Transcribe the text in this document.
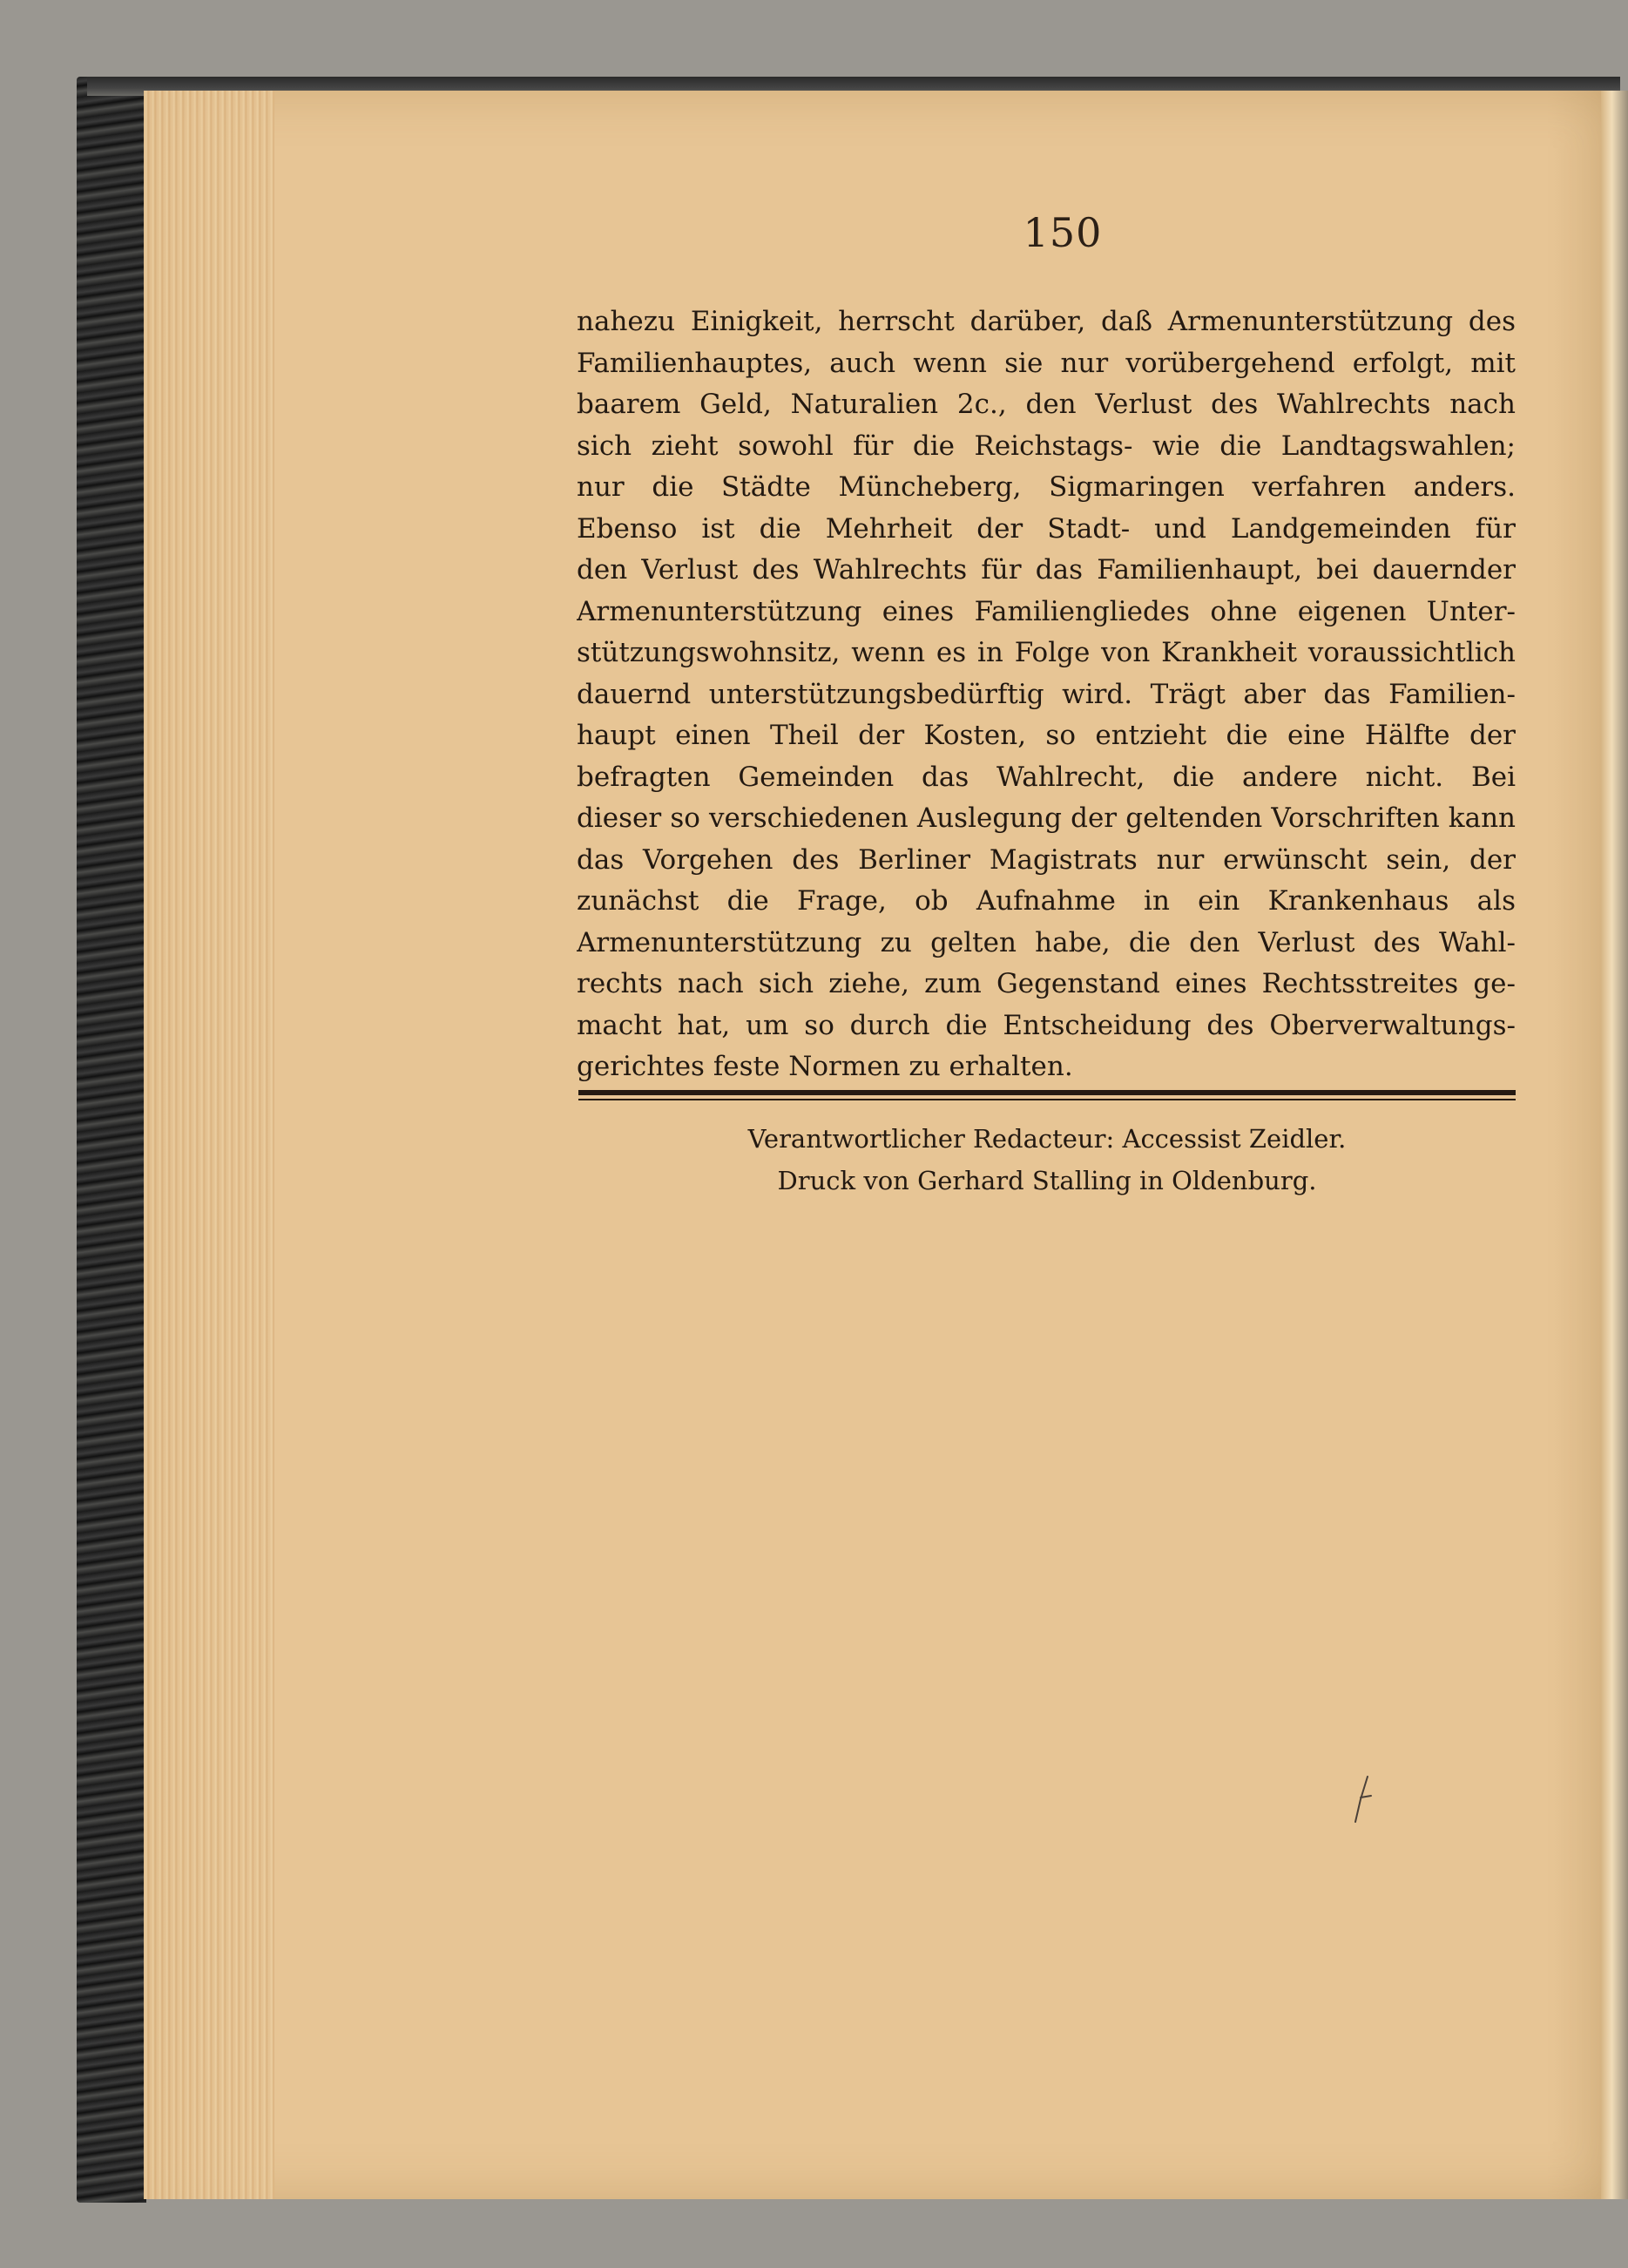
150
nahezu Einigkeit, herrscht darüber, daß Armenunterstützung des
Familienhauptes, auch wenn sie nur vorübergehend erfolgt, mit
baarem Geld, Naturalien 2c., den Verlust des Wahlrechts nach
sich zieht sowohl für die Reichstags- wie die Landtagswahlen;
nur die Städte Müncheberg, Sigmaringen verfahren anders.
Ebenso ist die Mehrheit der Stadt- und Landgemeinden für
den Verlust des Wahlrechts für das Familienhaupt, bei dauernder
Armenunterstützung eines Familiengliedes ohne eigenen Unter-
stützungswohnsitz, wenn es in Folge von Krankheit voraussichtlich
dauernd unterstützungsbedürftig wird. Trägt aber das Familien-
haupt einen Theil der Kosten, so entzieht die eine Hälfte der
befragten Gemeinden das Wahlrecht, die andere nicht. Bei
dieser so verschiedenen Auslegung der geltenden Vorschriften kann
das Vorgehen des Berliner Magistrats nur erwünscht sein, der
zunächst die Frage, ob Aufnahme in ein Krankenhaus als
Armenunterstützung zu gelten habe, die den Verlust des Wahl-
rechts nach sich ziehe, zum Gegenstand eines Rechtsstreites ge-
macht hat, um so durch die Entscheidung des Oberverwaltungs-
gerichtes feste Normen zu erhalten.
Verantwortlicher Redacteur: Accessist Zeidler.
Druck von Gerhard Stalling in Oldenburg.
